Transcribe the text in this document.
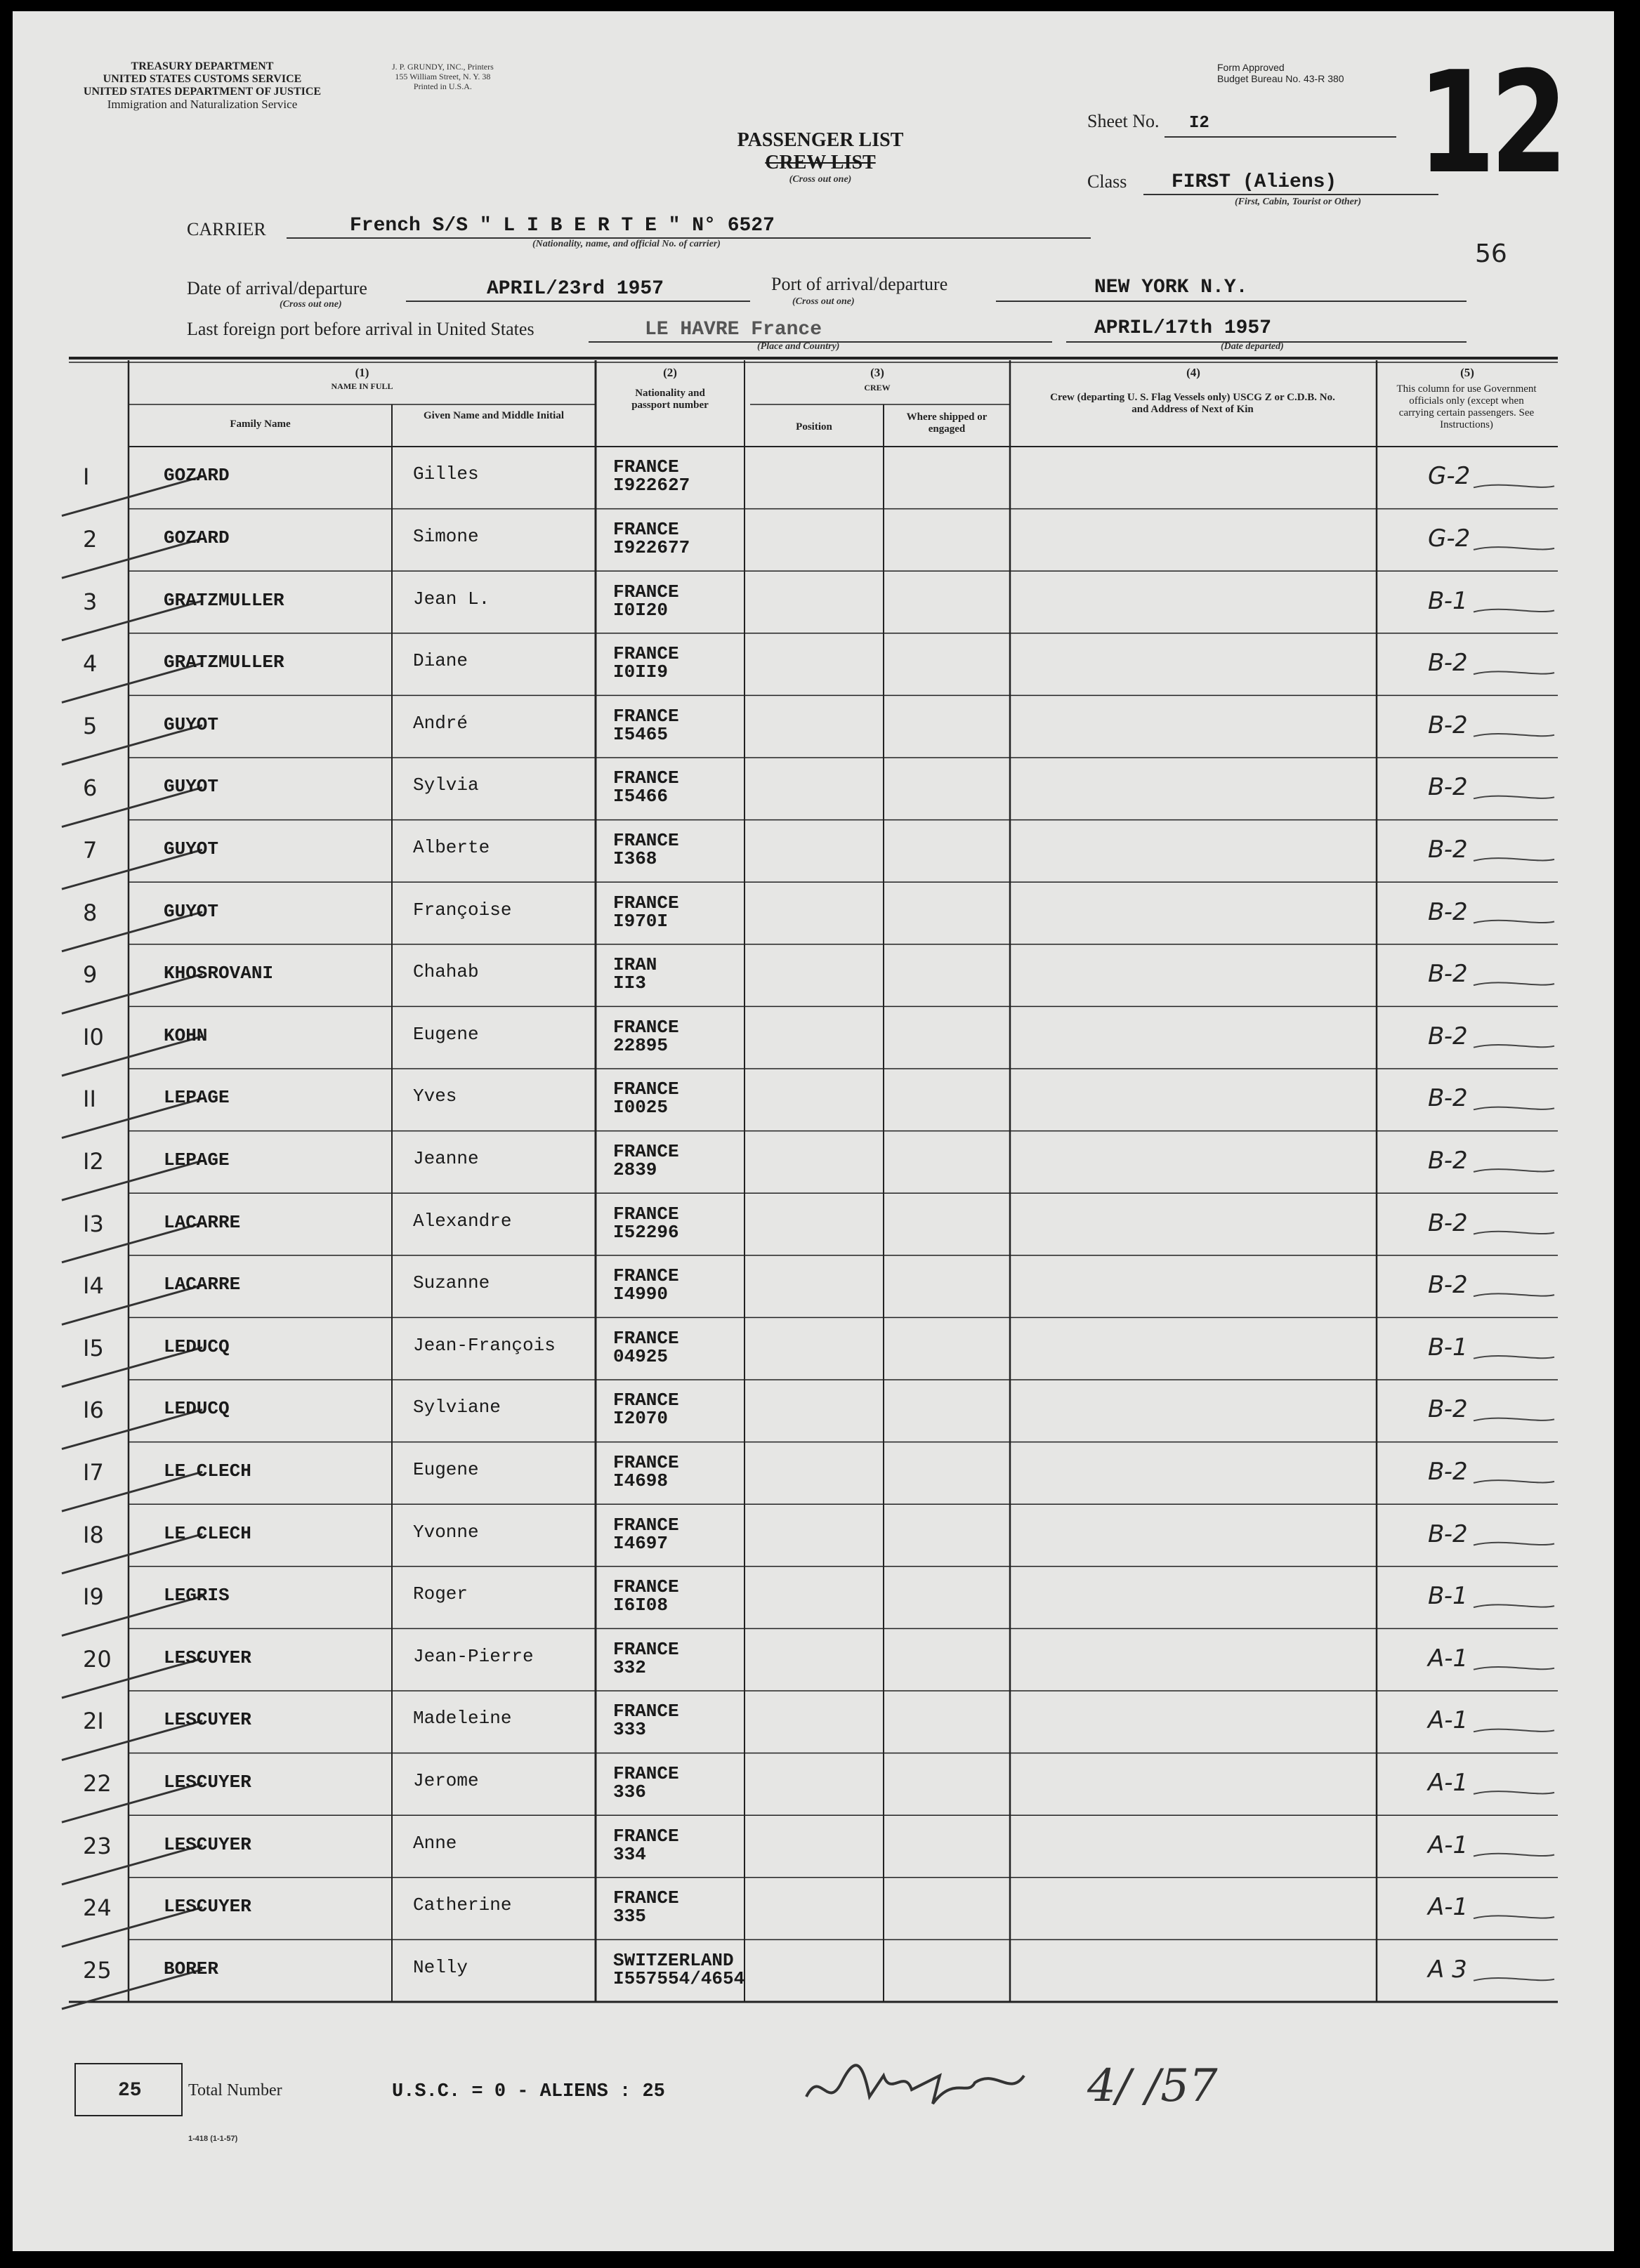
TREASURY DEPARTMENT
UNITED STATES CUSTOMS SERVICE
UNITED STATES DEPARTMENT OF JUSTICE
Immigration and Naturalization Service
J. P. GRUNDY, INC., Printers
155 William Street, N. Y. 38
Printed in U.S.A.
Form Approved
Budget Bureau No. 43-R 380 12
PASSENGER LIST
CREW LIST
(Cross out one)
Sheet No. I2
Class FIRST (Aliens)
(First, Cabin, Tourist or Other)
56
CARRIER	French S/S " L I B E R T E " N° 6527
(Nationality, name, and official No. of carrier)
Date of arrival/departure	APRIL/23rd 1957
(Cross out one)
Port of arrival/departure	NEW YORK N.Y.
(Cross out one)
Last foreign port before arrival in United States	LE HAVRE France
(Place and Country)
APRIL/17th 1957
(Date departed)
(1)
NAME IN FULL
Family Name
Given Name and Middle Initial
(2)
Nationality and passport number
(3)
CREW
Position
Where shipped or engaged
(4)
Crew (departing U. S. Flag Vessels only) USCG Z or C.D.B. No. and Address of Next of Kin
(5)
This column for use Government officials only (except when carrying certain passengers. See Instructions)
I	GOZARD	Gilles	FRANCE
I922627	G-2
2	GOZARD	Simone	FRANCE
I922677	G-2
3	GRATZMULLER	Jean L.	FRANCE
I0I20	B-1
4	GRATZMULLER	Diane	FRANCE
I0II9	B-2
5	GUYOT	André	FRANCE
I5465	B-2
6	GUYOT	Sylvia	FRANCE
I5466	B-2
7	GUYOT	Alberte	FRANCE
I368	B-2
8	GUYOT	Françoise	FRANCE
I970I	B-2
9	KHOSROVANI	Chahab	IRAN
II3	B-2
I0	KOHN	Eugene	FRANCE
22895	B-2
II	LEPAGE	Yves	FRANCE
I0025	B-2
I2	LEPAGE	Jeanne	FRANCE
2839	B-2
I3	LACARRE	Alexandre	FRANCE
I52296	B-2
I4	LACARRE	Suzanne	FRANCE
I4990	B-2
I5	LEDUCQ	Jean-François	FRANCE
04925	B-1
I6	LEDUCQ	Sylviane	FRANCE
I2070	B-2
I7	LE CLECH	Eugene	FRANCE
I4698	B-2
I8	LE CLECH	Yvonne	FRANCE
I4697	B-2
I9	LEGRIS	Roger	FRANCE
I6I08	B-1
20	LESCUYER	Jean-Pierre	FRANCE
332	A-1
2I	LESCUYER	Madeleine	FRANCE
333	A-1
22	LESCUYER	Jerome	FRANCE
336	A-1
23	LESCUYER	Anne	FRANCE
334	A-1
24	LESCUYER	Catherine	FRANCE
335	A-1
25	BORER	Nelly	SWITZERLAND
I557554/4654	A 3
25	Total Number	U.S.C. = 0 - ALIENS : 25	4/ /57
1-418 (1-1-57)
